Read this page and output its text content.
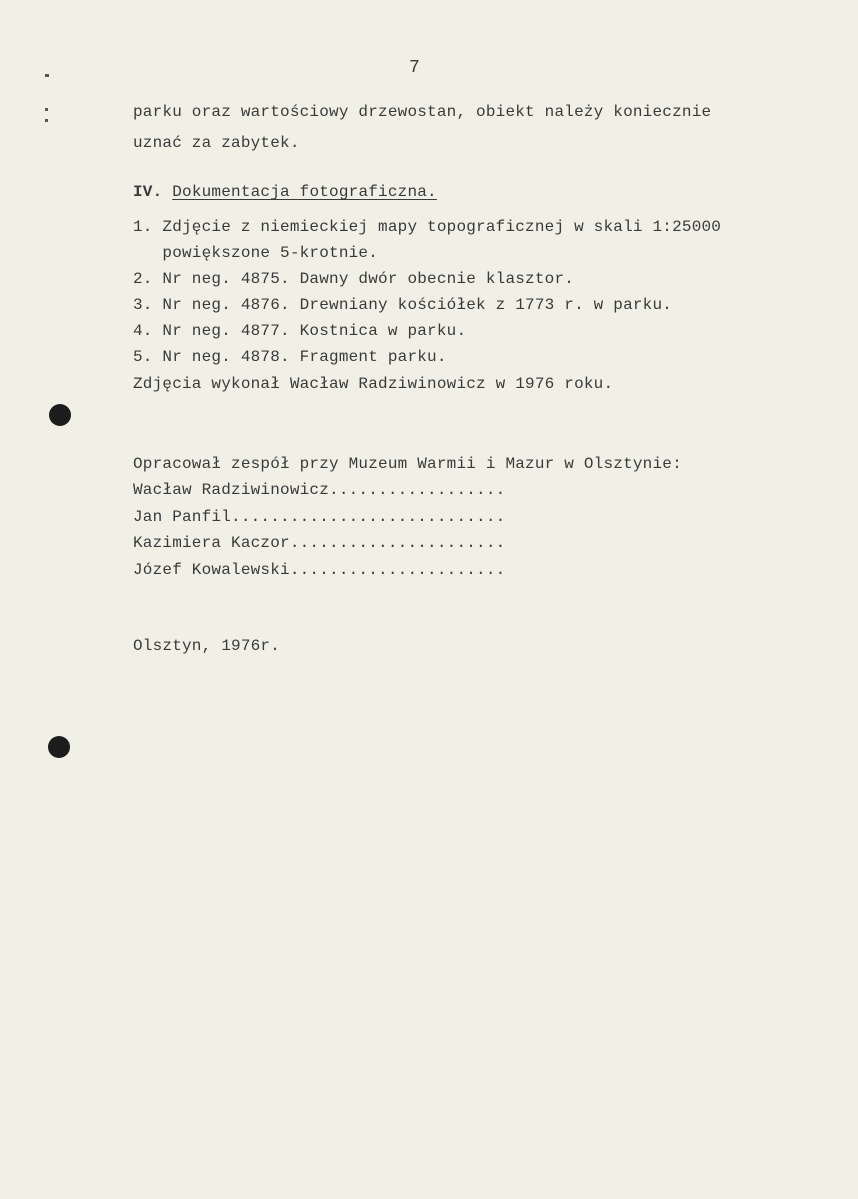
7
parku oraz wartościowy drzewostan, obiekt należy koniecznie
uznać za zabytek.
IV. Dokumentacja fotograficzna.
1. Zdjęcie z niemieckiej mapy topograficznej w skali 1:25000
powiększone 5-krotnie.
2. Nr neg. 4875. Dawny dwór obecnie klasztor.
3. Nr neg. 4876. Drewniany kościółek z 1773 r. w parku.
4. Nr neg. 4877. Kostnica w parku.
5. Nr neg. 4878. Fragment parku.
Zdjęcia wykonał Wacław Radziwinowicz w 1976 roku.
Opracował zespół przy Muzeum Warmii i Mazur w Olsztynie:
Wacław Radziwinowicz..................
Jan Panfil............................
Kazimiera Kaczor......................
Józef Kowalewski......................
Olsztyn, 1976r.
